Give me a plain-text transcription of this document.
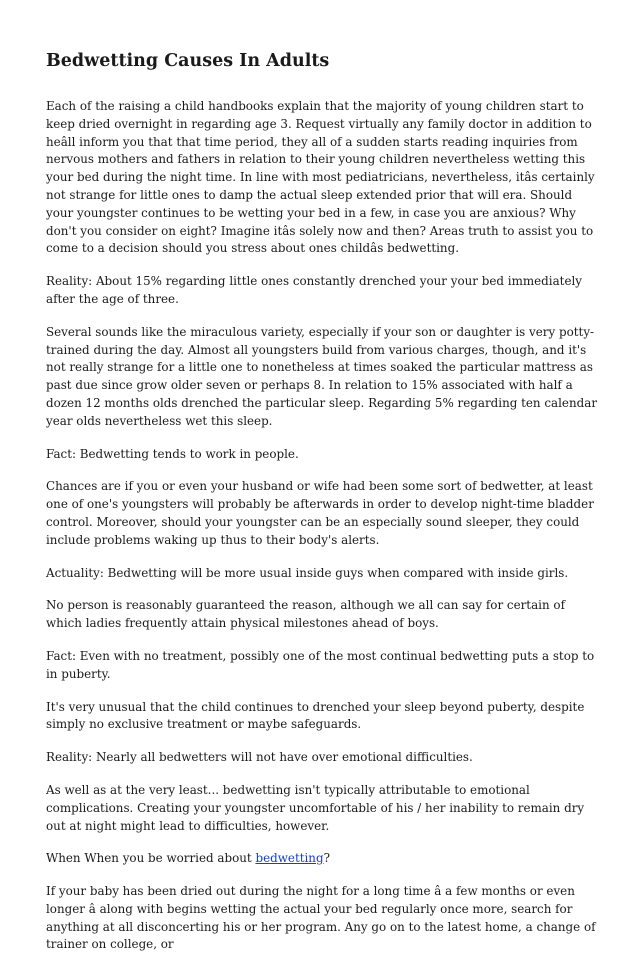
Bedwetting Causes In Adults

Each of the raising a child handbooks explain that the majority of young children start to keep dried overnight in regarding age 3. Request virtually any family doctor in addition to heâll inform you that that time period, they all of a sudden starts reading inquiries from nervous mothers and fathers in relation to their young children nevertheless wetting this your bed during the night time. In line with most pediatricians, nevertheless, itâs certainly not strange for little ones to damp the actual sleep extended prior that will era. Should your youngster continues to be wetting your bed in a few, in case you are anxious? Why don't you consider on eight? Imagine itâs solely now and then? Areas truth to assist you to come to a decision should you stress about ones childâs bedwetting.

Reality: About 15% regarding little ones constantly drenched your your bed immediately after the age of three.

Several sounds like the miraculous variety, especially if your son or daughter is very potty-trained during the day. Almost all youngsters build from various charges, though, and it's not really strange for a little one to nonetheless at times soaked the particular mattress as past due since grow older seven or perhaps 8. In relation to 15% associated with half a dozen 12 months olds drenched the particular sleep. Regarding 5% regarding ten calendar year olds nevertheless wet this sleep.

Fact: Bedwetting tends to work in people.

Chances are if you or even your husband or wife had been some sort of bedwetter, at least one of one's youngsters will probably be afterwards in order to develop night-time bladder control. Moreover, should your youngster can be an especially sound sleeper, they could include problems waking up thus to their body's alerts.

Actuality: Bedwetting will be more usual inside guys when compared with inside girls.

No person is reasonably guaranteed the reason, although we all can say for certain of which ladies frequently attain physical milestones ahead of boys.

Fact: Even with no treatment, possibly one of the most continual bedwetting puts a stop to in puberty.

It's very unusual that the child continues to drenched your sleep beyond puberty, despite simply no exclusive treatment or maybe safeguards.

Reality: Nearly all bedwetters will not have over emotional difficulties.

As well as at the very least... bedwetting isn't typically attributable to emotional complications. Creating your youngster uncomfortable of his / her inability to remain dry out at night might lead to difficulties, however.

When When you be worried about bedwetting?

If your baby has been dried out during the night for a long time â a few months or even longer â along with begins wetting the actual your bed regularly once more, search for anything at all disconcerting his or her program. Any go on to the latest home, a change of trainer on college, or
